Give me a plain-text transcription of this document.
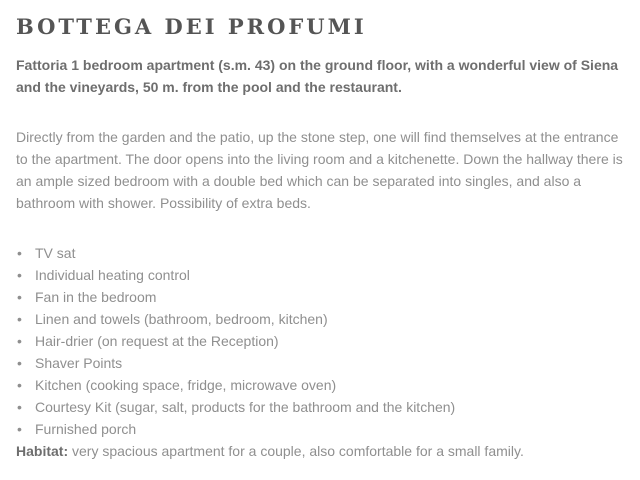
BOTTEGA DEI PROFUMI

Fattoria 1 bedroom apartment (s.m. 43) on the ground floor, with a wonderful view of Siena and the vineyards, 50 m. from the pool and the restaurant.

Directly from the garden and the patio, up the stone step, one will find themselves at the entrance to the apartment. The door opens into the living room and a kitchenette. Down the hallway there is an ample sized bedroom with a double bed which can be separated into singles, and also a bathroom with shower. Possibility of extra beds.

• TV sat
• Individual heating control
• Fan in the bedroom
• Linen and towels (bathroom, bedroom, kitchen)
• Hair-drier (on request at the Reception)
• Shaver Points
• Kitchen (cooking space, fridge, microwave oven)
• Courtesy Kit (sugar, salt, products for the bathroom and the kitchen)
• Furnished porch

Habitat: very spacious apartment for a couple, also comfortable for a small family.
